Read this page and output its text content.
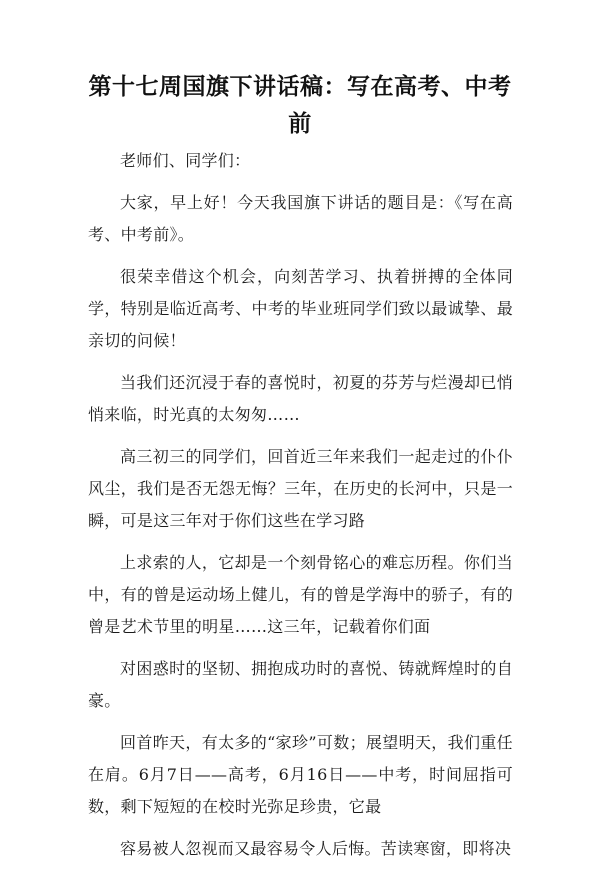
第十七周国旗下讲话稿：写在高考、中考前

老师们、同学们：

大家，早上好！今天我国旗下讲话的题目是：《写在高考、中考前》。

很荣幸借这个机会，向刻苦学习、执着拼搏的全体同学，特别是临近高考、中考的毕业班同学们致以最诚挚、最亲切的问候！

当我们还沉浸于春的喜悦时，初夏的芬芳与烂漫却已悄悄来临，时光真的太匆匆……

高三初三的同学们，回首近三年来我们一起走过的仆仆风尘，我们是否无怨无悔？三年，在历史的长河中，只是一瞬，可是这三年对于你们这些在学习路

上求索的人，它却是一个刻骨铭心的难忘历程。你们当中，有的曾是运动场上健儿，有的曾是学海中的骄子，有的曾是艺术节里的明星……这三年，记载着你们面

对困惑时的坚韧、拥抱成功时的喜悦、铸就辉煌时的自豪。

回首昨天，有太多的“家珍”可数；展望明天，我们重任在肩。6月7日——高考，6月16日——中考，时间屈指可数，剩下短短的在校时光弥足珍贵，它最

容易被人忽视而又最容易令人后悔。苦读寒窗，即将决
